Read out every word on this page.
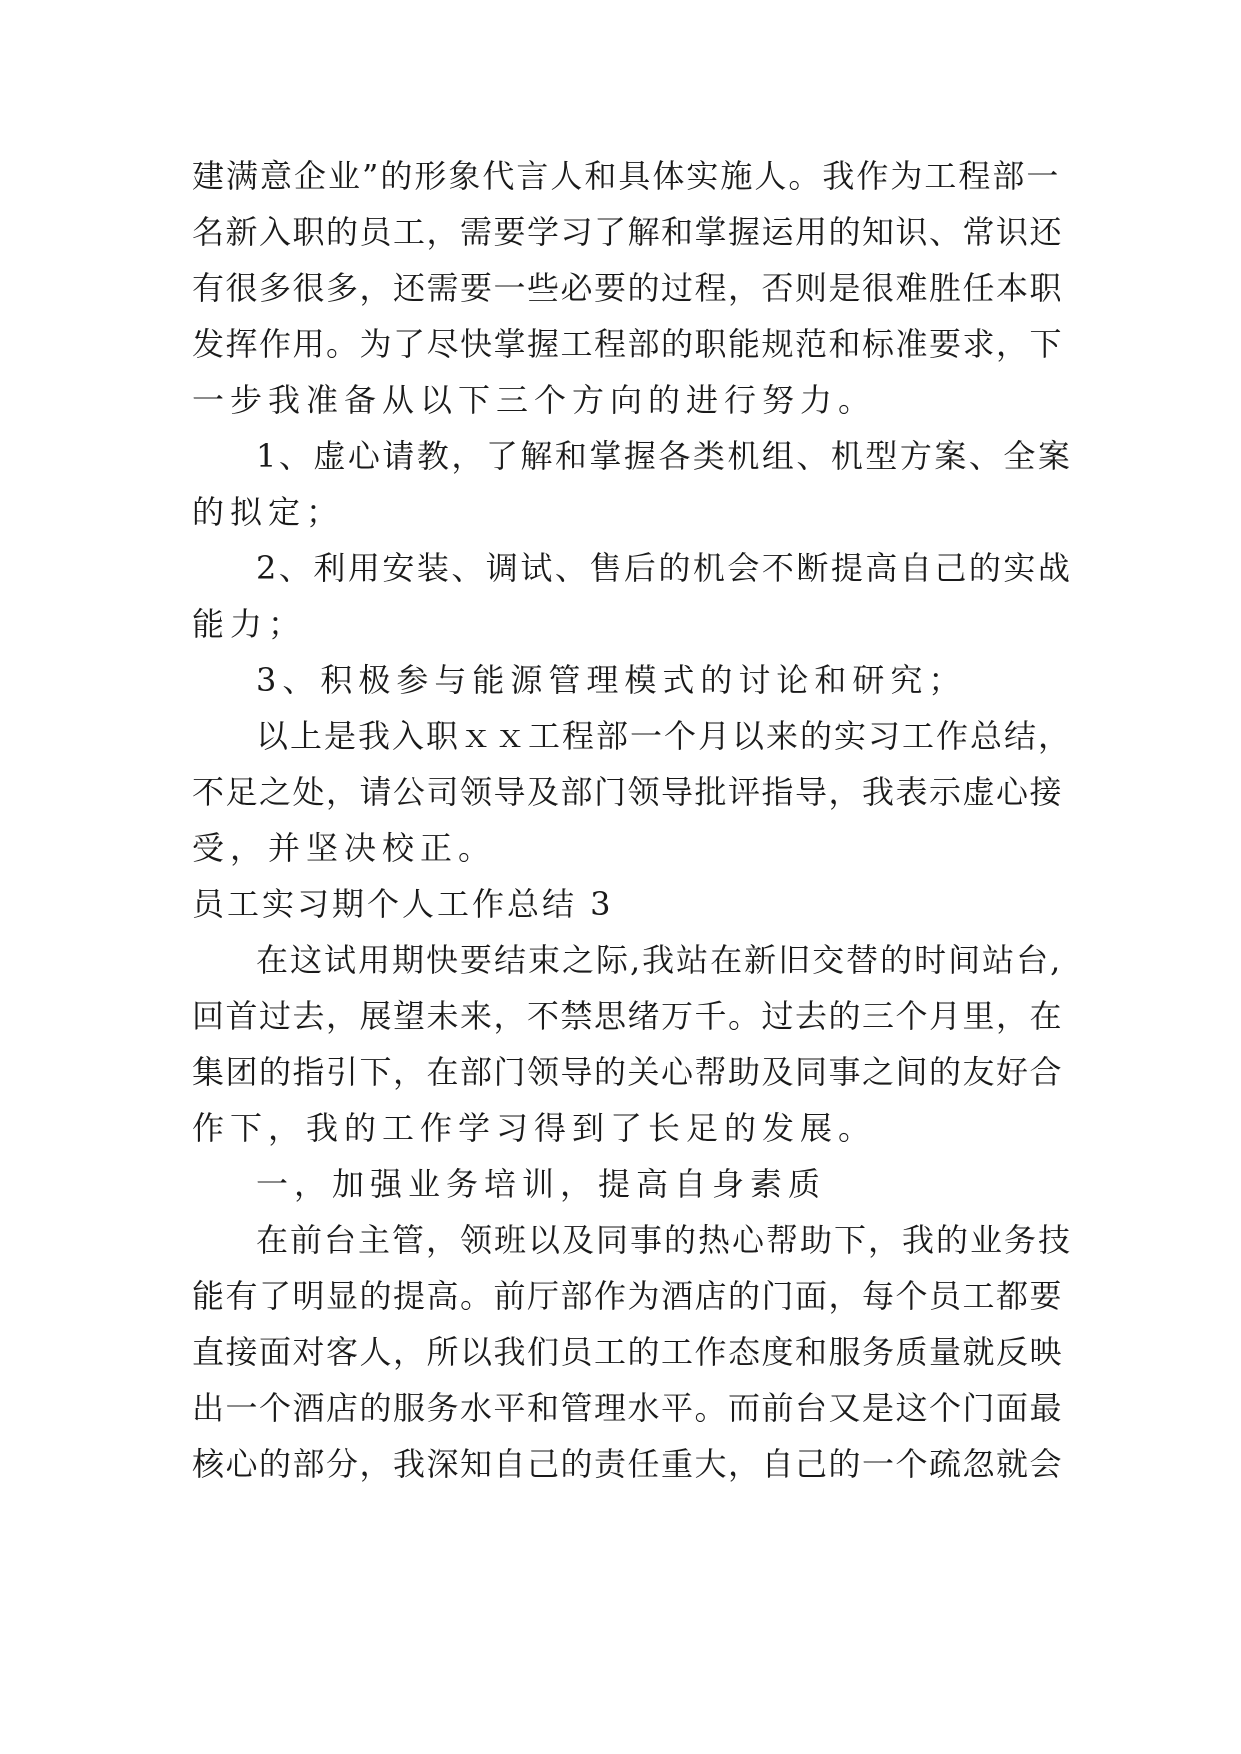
建满意企业”的形象代言人和具体实施人。我作为工程部一
名新入职的员工，需要学习了解和掌握运用的知识、常识还
有很多很多，还需要一些必要的过程，否则是很难胜任本职
发挥作用。为了尽快掌握工程部的职能规范和标准要求，下
一步我准备从以下三个方向的进行努力。
1、虚心请教，了解和掌握各类机组、机型方案、全案
的拟定；
2、利用安装、调试、售后的机会不断提高自己的实战
能力；
3、积极参与能源管理模式的讨论和研究；
以上是我入职ｘｘ工程部一个月以来的实习工作总结，
不足之处，请公司领导及部门领导批评指导，我表示虚心接
受，并坚决校正。
员工实习期个人工作总结 3
在这试用期快要结束之际,我站在新旧交替的时间站台,
回首过去，展望未来，不禁思绪万千。过去的三个月里，在
集团的指引下，在部门领导的关心帮助及同事之间的友好合
作下，我的工作学习得到了长足的发展。
一，加强业务培训，提高自身素质
在前台主管，领班以及同事的热心帮助下，我的业务技
能有了明显的提高。前厅部作为酒店的门面，每个员工都要
直接面对客人，所以我们员工的工作态度和服务质量就反映
出一个酒店的服务水平和管理水平。而前台又是这个门面最
核心的部分，我深知自己的责任重大，自己的一个疏忽就会
